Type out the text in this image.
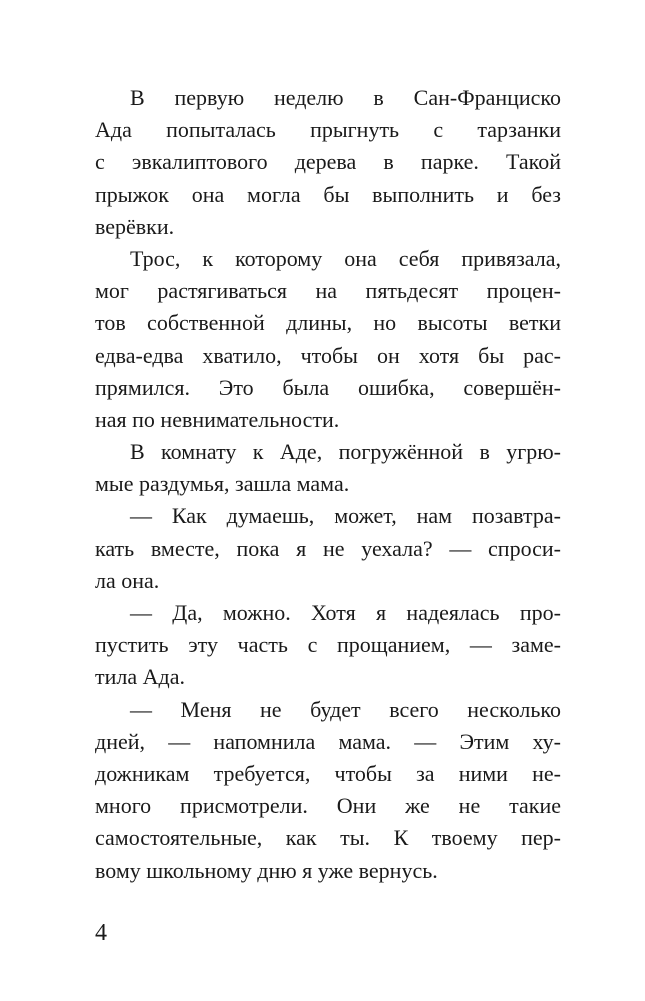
В первую неделю в Сан-Франциско
Ада попыталась прыгнуть с тарзанки
с эвкалиптового дерева в парке. Такой
прыжок она могла бы выполнить и без
верёвки.
Трос, к которому она себя привязала,
мог растягиваться на пятьдесят процен-
тов собственной длины, но высоты ветки
едва-едва хватило, чтобы он хотя бы рас-
прямился. Это была ошибка, совершён-
ная по невнимательности.
В комнату к Аде, погружённой в угрю-
мые раздумья, зашла мама.
— Как думаешь, может, нам позавтра-
кать вместе, пока я не уехала? — спроси-
ла она.
— Да, можно. Хотя я надеялась про-
пустить эту часть с прощанием, — заме-
тила Ада.
— Меня не будет всего несколько
дней, — напомнила мама. — Этим ху-
дожникам требуется, чтобы за ними не-
много присмотрели. Они же не такие
самостоятельные, как ты. К твоему пер-
вому школьному дню я уже вернусь.
4
